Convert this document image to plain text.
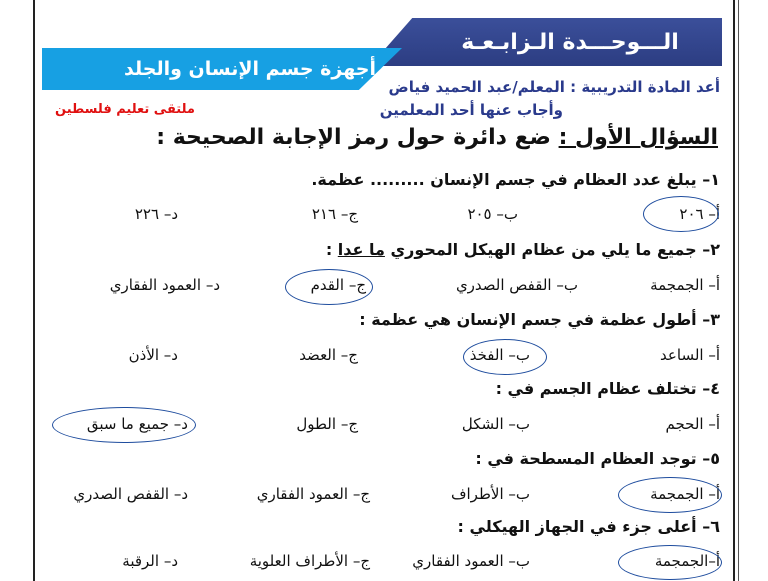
الـــوحـــدة الـزابـعـة
أجهزة جسم الإنسان والجلد
أعد المادة التدريبية : المعلم/عبد الحميد فياض
وأجاب عنها أحد المعلمين
ملتقى تعليم فلسطين
السؤال الأول : ضع دائرة حول رمز الإجابة الصحيحة :
١– يبلغ عدد العظام في جسم الإنسان ......... عظمة.
أ– ٢٠٦
ب– ٢٠٥
ج– ٢١٦
د– ٢٢٦
٢– جميع ما يلي من عظام الهيكل المحوري ما عدا :
أ– الجمجمة
ب– القفص الصدري
ج– القدم
د– العمود الفقاري
٣– أطول عظمة في جسم الإنسان هي عظمة :
أ– الساعد
ب– الفخذ
ج– العضد
د– الأذن
٤– تختلف عظام الجسم في :
أ– الحجم
ب– الشكل
ج– الطول
د– جميع ما سبق
٥– توجد العظام المسطحة في :
أ– الجمجمة
ب– الأطراف
ج– العمود الفقاري
د– القفص الصدري
٦– أعلى جزء في الجهاز الهيكلي :
أ–الجمجمة
ب– العمود الفقاري
ج– الأطراف العلوية
د– الرقبة
